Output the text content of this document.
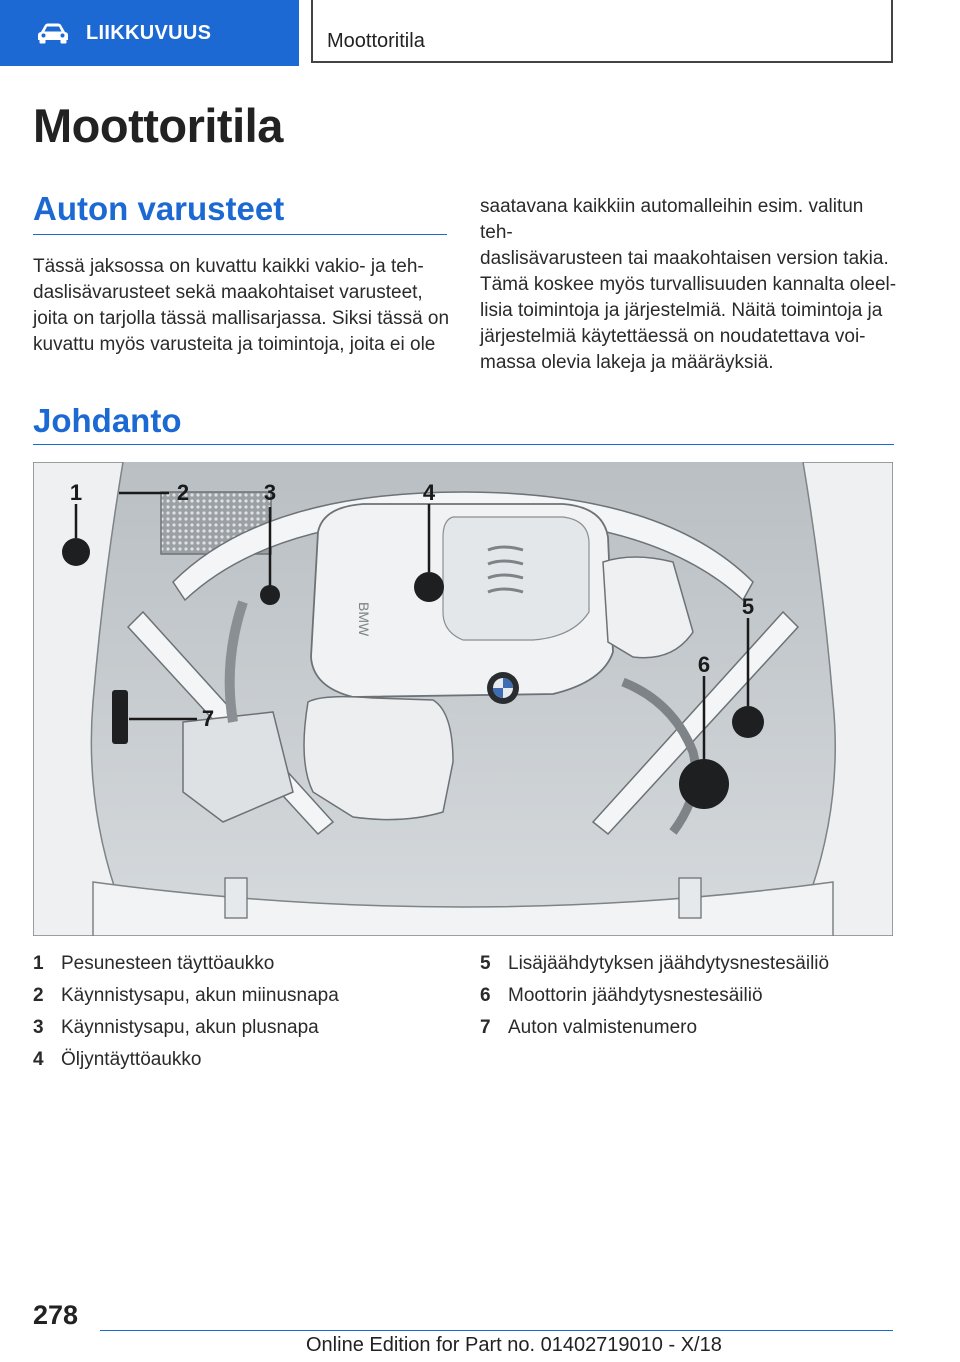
LIIKKUVUUS	Moottoritila
Moottoritila
Auton varusteet

Tässä jaksossa on kuvattu kaikki vakio- ja teh‐
daslisävarusteet sekä maakohtaiset varusteet,
joita on tarjolla tässä mallisarjassa. Siksi tässä on
kuvattu myös varusteita ja toimintoja, joita ei ole

saatavana kaikkiin automalleihin esim. valitun teh‐
daslisävarusteen tai maakohtaisen version takia.
Tämä koskee myös turvallisuuden kannalta oleel‐
lisia toimintoja ja järjestelmiä. Näitä toimintoja ja
järjestelmiä käytettäessä on noudatettava voi‐
massa olevia lakeja ja määräyksiä.

Johdanto
1	2	3	4
5
6
7
BMW
1 Pesunesteen täyttöaukko
2 Käynnistysapu, akun miinusnapa
3 Käynnistysapu, akun plusnapa
4 Öljyntäyttöaukko
5 Lisäjäähdytyksen jäähdytysnestesäiliö
6 Moottorin jäähdytysnestesäiliö
7 Auton valmistenumero
278
Online Edition for Part no. 01402719010 - X/18
